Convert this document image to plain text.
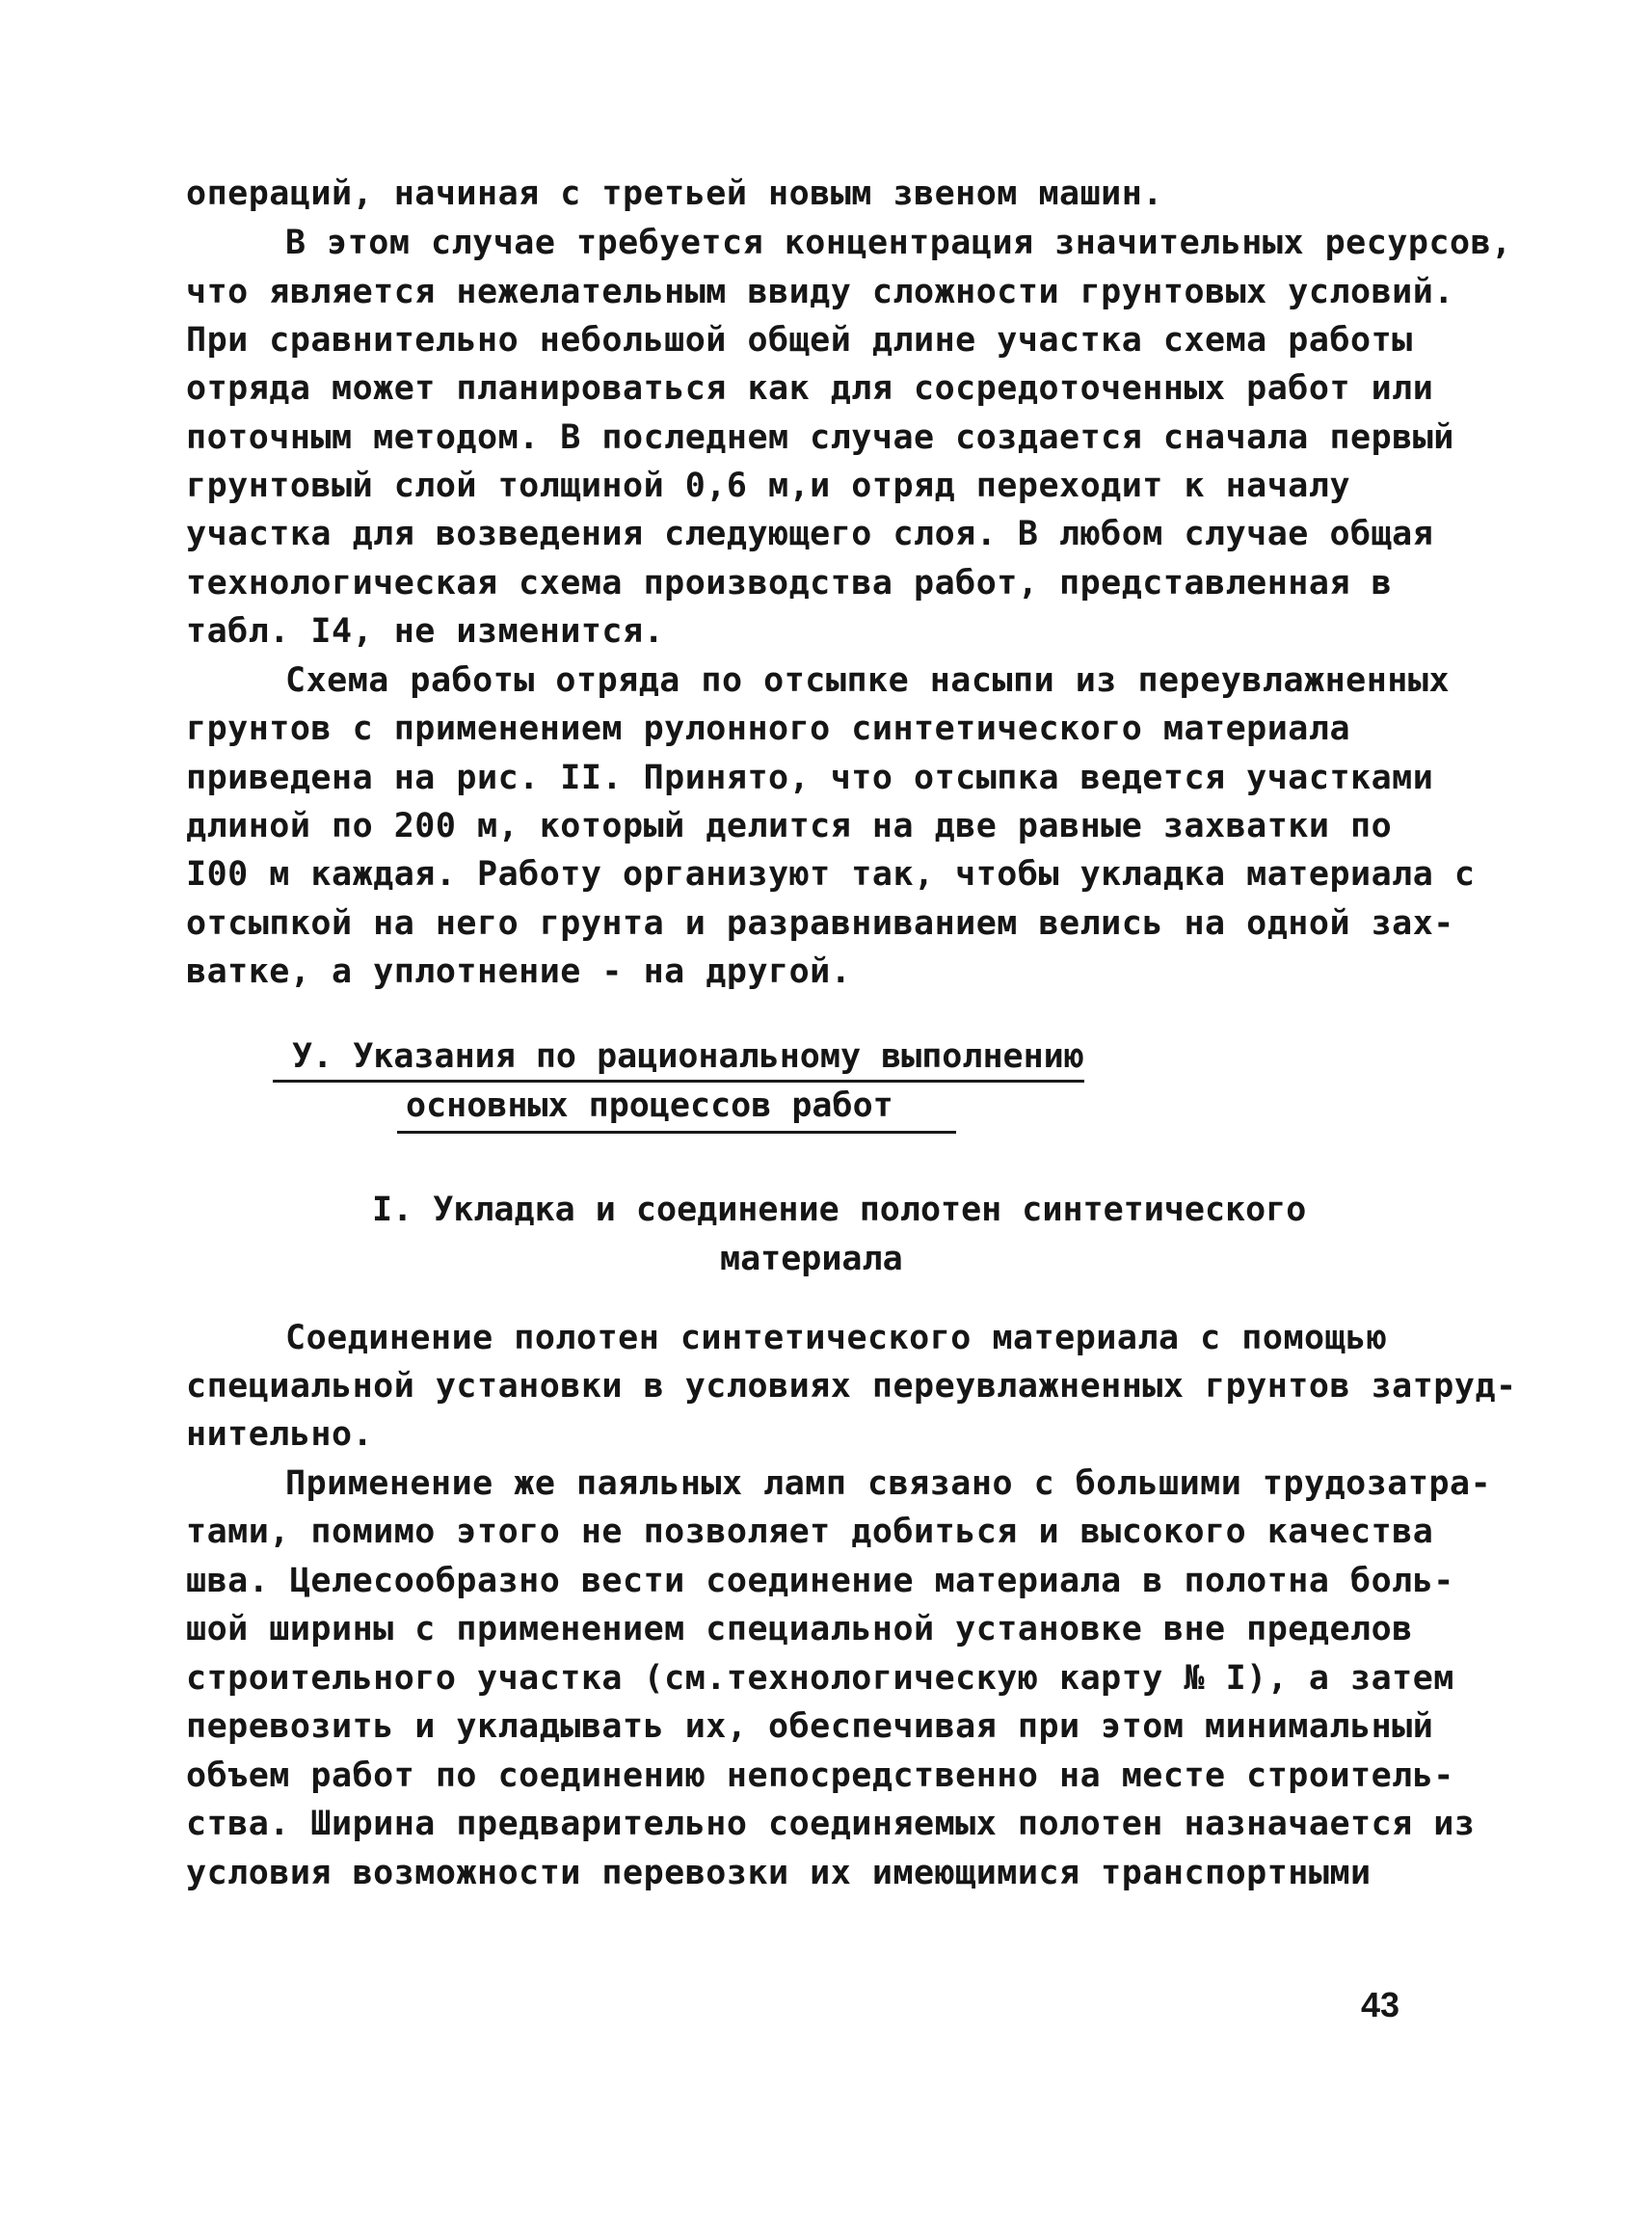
операций, начиная с третьей новым звеном машин.
В этом случае требуется концентрация значительных ресурсов,
что является нежелательным ввиду сложности грунтовых условий.
При сравнительно небольшой общей длине участка схема работы
отряда может планироваться как для сосредоточенных работ или
поточным методом. В последнем случае создается сначала первый
грунтовый слой толщиной 0,6 м,и отряд переходит к началу
участка для возведения следующего слоя. В любом случае общая
технологическая схема производства работ, представленная в
табл. I4, не изменится.
Схема работы отряда по отсыпке насыпи из переувлажненных
грунтов с применением рулонного синтетического материала
приведена на рис. II. Принято, что отсыпка ведется участками
длиной по 200 м, который делится на две равные захватки по
I00 м каждая. Работу организуют так, чтобы укладка материала с
отсыпкой на него грунта и разравниванием велись на одной зах-
ватке, а уплотнение - на другой.
У. Указания по рациональному выполнению
основных процессов работ
I. Укладка и соединение полотен синтетического
материала
Соединение полотен синтетического материала с помощью
специальной установки в условиях переувлажненных грунтов затруд-
нительно.
Применение же паяльных ламп связано с большими трудозатра-
тами, помимо этого не позволяет добиться и высокого качества
шва. Целесообразно вести соединение материала в полотна боль-
шой ширины с применением специальной установке вне пределов
строительного участка (см.технологическую карту № I), а затем
перевозить и укладывать их, обеспечивая при этом минимальный
объем работ по соединению непосредственно на месте строитель-
ства. Ширина предварительно соединяемых полотен назначается из
условия возможности перевозки их имеющимися транспортными
43
